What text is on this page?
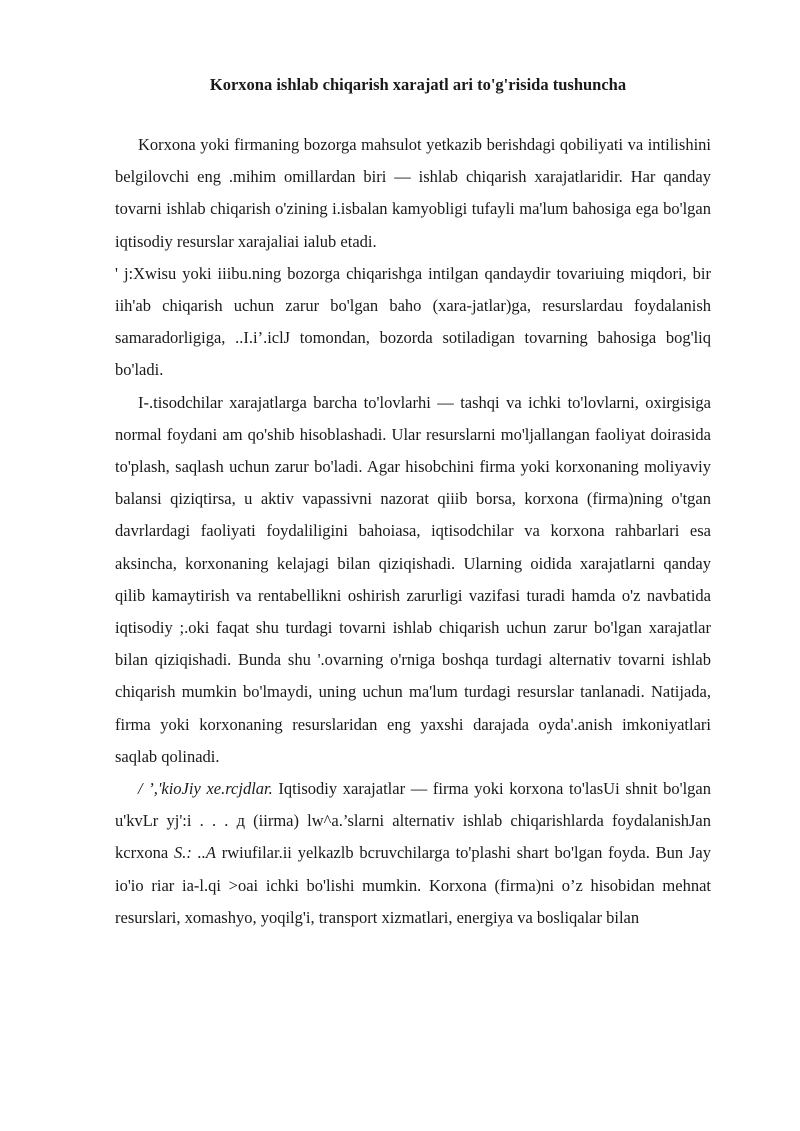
Korxona ishlab chiqarish xarajatl ari to'g'risida tushuncha

Korxona yoki firmaning bozorga mahsulot yetkazib berishdagi qobiliyati va intilishini belgilovchi eng .mihim omillardan biri — ishlab chiqarish xarajatlaridir. Har qanday tovarni ishlab chiqarish o'zining i.isbalan kamyobligi tufayli ma'lum bahosiga ega bo'lgan iqtisodiy resurslar xarajaliai ialub etadi.

' j:Xwisu yoki iiibu.ning bozorga chiqarishga intilgan qandaydir tovariuing miqdori, bir iih'ab chiqarish uchun zarur bo'lgan baho (xara-jatlar)ga, resurslardau foydalanish samaradorligiga, ..I.i’.iclJ tomondan, bozorda sotiladigan tovarning bahosiga bog'liq bo'ladi.

I-.tisodchilar xarajatlarga barcha to'lovlarhi — tashqi va ichki to'lovlarni, oxirgisiga normal foydani am qo'shib hisoblashadi. Ular resurslarni mo'ljallangan faoliyat doirasida to'plash, saqlash uchun zarur bo'ladi. Agar hisobchini firma yoki korxonaning moliyaviy balansi qiziqtirsa, u aktiv vapassivni nazorat qiiib borsa, korxona (firma)ning o'tgan davrlardagi faoliyati foydaliligini bahoiasa, iqtisodchilar va korxona rahbarlari esa aksincha, korxonaning kelajagi bilan qiziqishadi. Ularning oidida xarajatlarni qanday qilib kamaytirish va rentabellikni oshirish zarurligi vazifasi turadi hamda o'z navbatida iqtisodiy ;.oki faqat shu turdagi tovarni ishlab chiqarish uchun zarur bo'lgan xarajatlar bilan qiziqishadi. Bunda shu '.ovarning o'rniga boshqa turdagi alternativ tovarni ishlab chiqarish mumkin bo'lmaydi, uning uchun ma'lum turdagi resurslar tanlanadi. Natijada, firma yoki korxonaning resurslaridan eng yaxshi darajada oyda'.anish imkoniyatlari saqlab qolinadi.

/ ’,'kioJiy xe.rcjdlar. Iqtisodiy xarajatlar — firma yoki korxona to'lasUi shnit bo'lgan u'kvLr yj':i . . . д (iirma) lw^a.’slarni alternativ ishlab chiqarishlarda foydalanishJan kcrxona S.: ..A rwiufilar.ii yelkazlb bcruvchilarga to'plashi shart bo'lgan foyda. Bun Jay io'io riar ia-l.qi >oai ichki bo'lishi mumkin. Korxona (firma)ni o’z hisobidan mehnat resurslari, xomashyo, yoqilg'i, transport xizmatlari, energiya va bosliqalar bilan
